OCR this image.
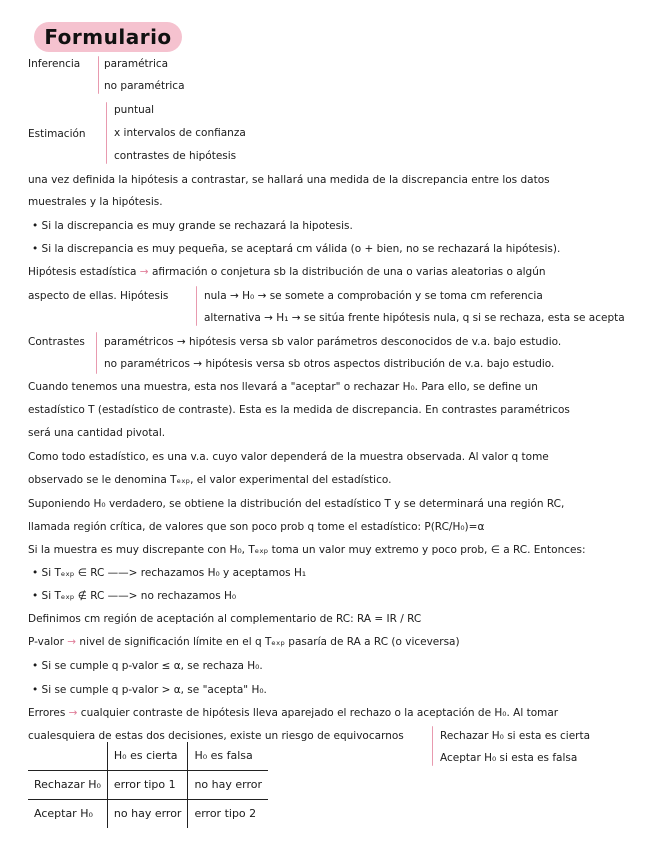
Formulario
Inferencia paramétrica
no paramétrica
Estimación
puntual
x intervalos de confianza
contrastes de hipótesis
una vez definida la hipótesis a contrastar, se hallará una medida de la discrepancia entre los datos
muestrales y la hipótesis.
• Si la discrepancia es muy grande se rechazará la hipotesis.
• Si la discrepancia es muy pequeña, se aceptará cm válida (o + bien, no se rechazará la hipótesis).
Hipótesis estadística → afirmación o conjetura sb la distribución de una o varias aleatorias o algún
aspecto de ellas. Hipótesis	nula → H₀ → se somete a comprobación y se toma cm referencia
alternativa → H₁ → se sitúa frente hipótesis nula, q si se rechaza, esta se acepta
Contrastes paramétricos → hipótesis versa sb valor parámetros desconocidos de v.a. bajo estudio.
no paramétricos → hipótesis versa sb otros aspectos distribución de v.a. bajo estudio.
Cuando tenemos una muestra, esta nos llevará a "aceptar" o rechazar H₀. Para ello, se define un
estadístico T (estadístico de contraste). Esta es la medida de discrepancia. En contrastes paramétricos
será una cantidad pivotal.
Como todo estadístico, es una v.a. cuyo valor dependerá de la muestra observada. Al valor q tome
observado se le denomina Tₑₓₚ, el valor experimental del estadístico.
Suponiendo H₀ verdadero, se obtiene la distribución del estadístico T y se determinará una región RC,
llamada región crítica, de valores que son poco prob q tome el estadístico: P(RC/H₀)=α
Si la muestra es muy discrepante con H₀, Tₑₓₚ toma un valor muy extremo y poco prob, ∈ a RC. Entonces:
• Si Tₑₓₚ ∈ RC ——> rechazamos H₀ y aceptamos H₁
• Si Tₑₓₚ ∉ RC ——> no rechazamos H₀
Definimos cm región de aceptación al complementario de RC: RA = IR / RC
P-valor → nivel de significación límite en el q Tₑₓₚ pasaría de RA a RC (o viceversa)
• Si se cumple q p-valor ≤ α, se rechaza H₀.
• Si se cumple q p-valor > α, se "acepta" H₀.
Errores → cualquier contraste de hipótesis lleva aparejado el rechazo o la aceptación de H₀. Al tomar
cualesquiera de estas dos decisiones, existe un riesgo de equivocarnos	Rechazar H₀ si esta es cierta
Aceptar H₀ si esta es falsa
	H₀ es cierta	H₀ es falsa
Rechazar H₀	error tipo 1	no hay error
Aceptar H₀	no hay error	error tipo 2
